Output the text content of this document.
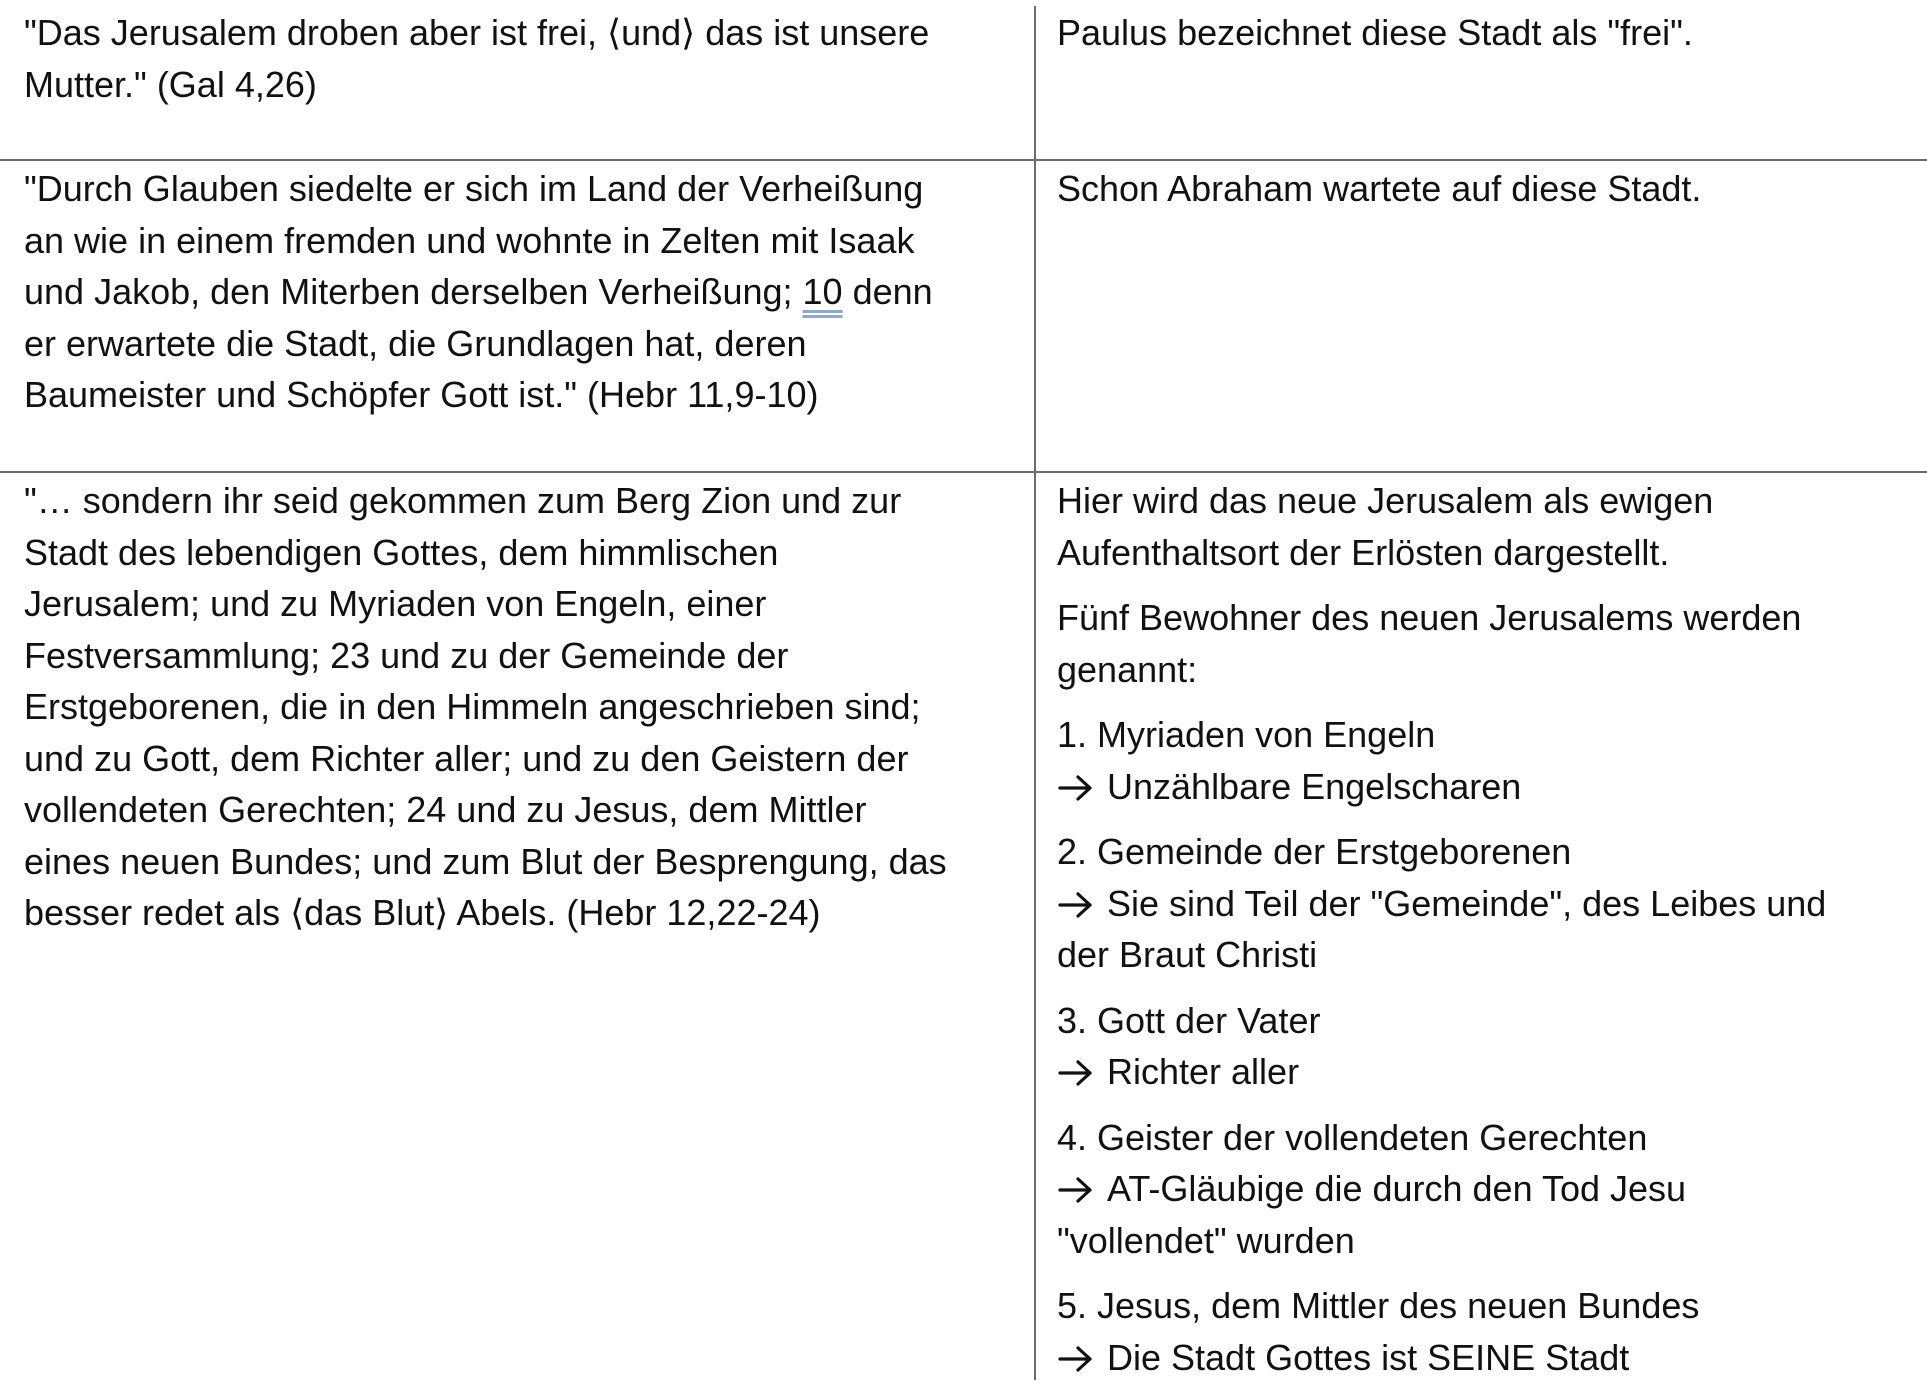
"Das Jerusalem droben aber ist frei, ⟨und⟩ das ist unsere
Mutter." (Gal 4,26)
Paulus bezeichnet diese Stadt als "frei".
"Durch Glauben siedelte er sich im Land der Verheißung
an wie in einem fremden und wohnte in Zelten mit Isaak
und Jakob, den Miterben derselben Verheißung; 10 denn
er erwartete die Stadt, die Grundlagen hat, deren
Baumeister und Schöpfer Gott ist." (Hebr 11,9-10)
Schon Abraham wartete auf diese Stadt.
"… sondern ihr seid gekommen zum Berg Zion und zur
Stadt des lebendigen Gottes, dem himmlischen
Jerusalem; und zu Myriaden von Engeln, einer
Festversammlung; 23 und zu der Gemeinde der
Erstgeborenen, die in den Himmeln angeschrieben sind;
und zu Gott, dem Richter aller; und zu den Geistern der
vollendeten Gerechten; 24 und zu Jesus, dem Mittler
eines neuen Bundes; und zum Blut der Besprengung, das
besser redet als ⟨das Blut⟩ Abels. (Hebr 12,22-24)
Hier wird das neue Jerusalem als ewigen
Aufenthaltsort der Erlösten dargestellt.
Fünf Bewohner des neuen Jerusalems werden
genannt:
1. Myriaden von Engeln
Unzählbare Engelscharen
2. Gemeinde der Erstgeborenen
Sie sind Teil der "Gemeinde", des Leibes und
der Braut Christi
3. Gott der Vater
Richter aller
4. Geister der vollendeten Gerechten
AT-Gläubige die durch den Tod Jesu
"vollendet" wurden
5. Jesus, dem Mittler des neuen Bundes
Die Stadt Gottes ist SEINE Stadt
